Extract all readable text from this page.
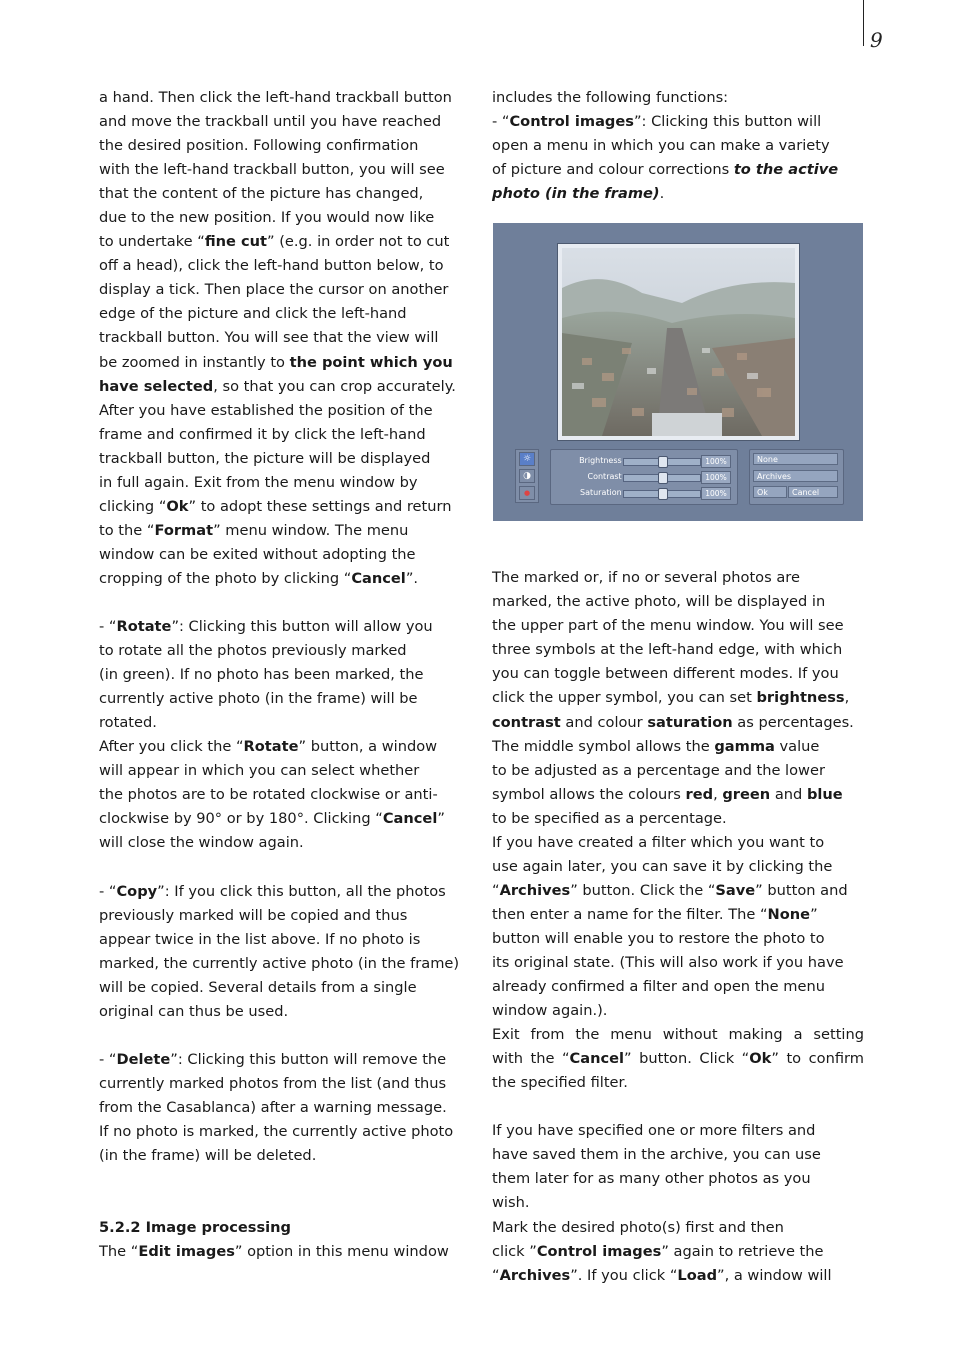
9
a hand. Then click the left-hand trackball button
and move the trackball until you have reached
the desired position. Following confirmation
with the left-hand trackball button, you will see
that the content of the picture has changed,
due to the new position. If you would now like
to undertake “fine cut” (e.g. in order not to cut
off a head), click the left-hand button below, to
display a tick. Then place the cursor on another
edge of the picture and click the left-hand
trackball button. You will see that the view will
be zoomed in instantly to the point which you
have selected, so that you can crop accurately.
After you have established the position of the
frame and confirmed it by click the left-hand
trackball button, the picture will be displayed
in full again. Exit from the menu window by
clicking “Ok” to adopt these settings and return
to the “Format” menu window. The menu
window can be exited without adopting the
cropping of the photo by clicking “Cancel”.
- “Rotate”: Clicking this button will allow you
to rotate all the photos previously marked
(in green). If no photo has been marked, the
currently active photo (in the frame) will be
rotated.
After you click the “Rotate” button, a window
will appear in which you can select whether
the photos are to be rotated clockwise or anti-
clockwise by 90° or by 180°. Clicking “Cancel”
will close the window again.
- “Copy”: If you click this button, all the photos
previously marked will be copied and thus
appear twice in the list above. If no photo is
marked, the currently active photo (in the frame)
will be copied. Several details from a single
original can thus be used.
- “Delete”: Clicking this button will remove the
currently marked photos from the list (and thus
from the Casablanca) after a warning message.
If no photo is marked, the currently active photo
(in the frame) will be deleted.
5.2.2 Image processing
The “Edit images” option in this menu window
includes the following functions:
- “Control images”: Clicking this button will
open a menu in which you can make a variety
of picture and colour corrections to the active
photo (in the frame).
The marked or, if no or several photos are
marked, the active photo, will be displayed in
the upper part of the menu window. You will see
three symbols at the left-hand edge, with which
you can toggle between different modes. If you
click the upper symbol, you can set brightness,
contrast and colour saturation as percentages.
The middle symbol allows the gamma value
to be adjusted as a percentage and the lower
symbol allows the colours red, green and blue
to be specified as a percentage.
If you have created a filter which you want to
use again later, you can save it by clicking the
“Archives” button. Click the “Save” button and
then enter a name for the filter. The “None”
button will enable you to restore the photo to
its original state. (This will also work if you have
already confirmed a filter and open the menu
window again.).
Exit from the menu without making a setting
with the “Cancel” button. Click “Ok” to confirm
the specified filter.
If you have specified one or more filters and
have saved them in the archive, you can use
them later for as many other photos as you
wish.
Mark the desired photo(s) first and then
click ”Control images” again to retrieve the
“Archives”. If you click “Load”, a window will
☼
◑
●
Brightness	100%
Contrast	100%
Saturation	100%
None
Archives
Ok	Cancel
